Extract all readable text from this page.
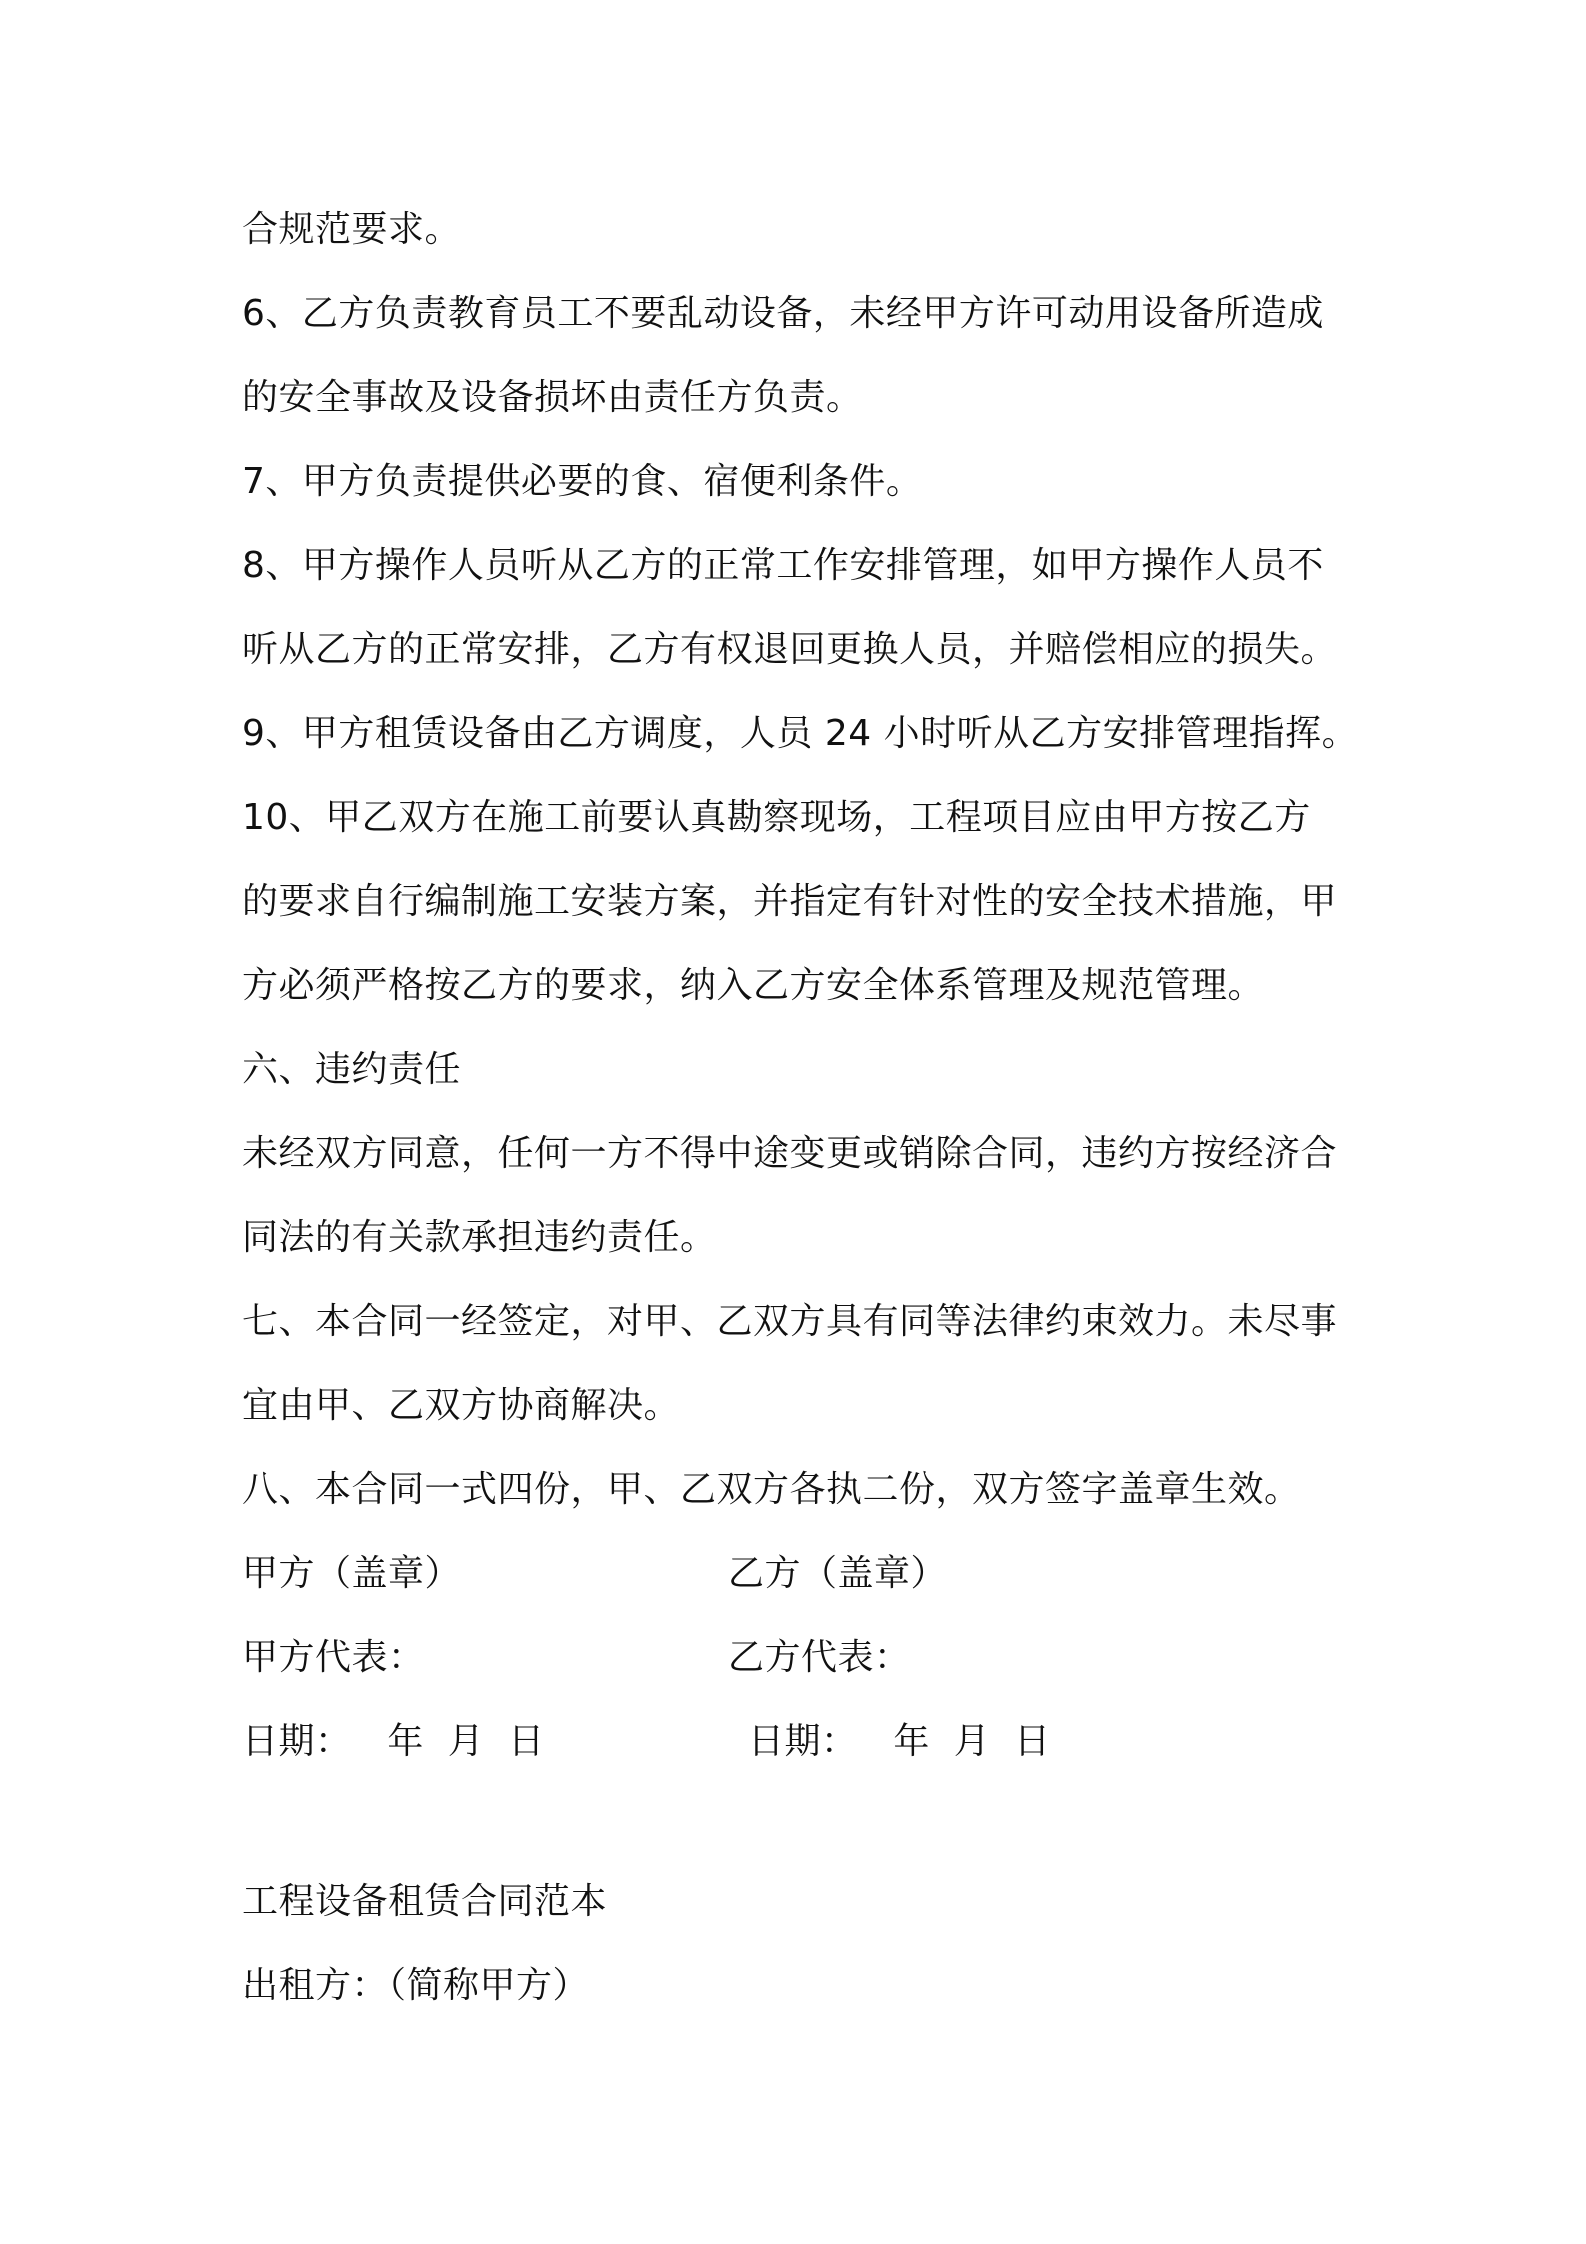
合规范要求。
6、乙方负责教育员工不要乱动设备，未经甲方许可动用设备所造成
的安全事故及设备损坏由责任方负责。
7、甲方负责提供必要的食、宿便利条件。
8、甲方操作人员听从乙方的正常工作安排管理，如甲方操作人员不
听从乙方的正常安排，乙方有权退回更换人员，并赔偿相应的损失。
9、甲方租赁设备由乙方调度，人员 24 小时听从乙方安排管理指挥。
10、甲乙双方在施工前要认真勘察现场，工程项目应由甲方按乙方
的要求自行编制施工安装方案，并指定有针对性的安全技术措施，甲
方必须严格按乙方的要求，纳入乙方安全体系管理及规范管理。
六、违约责任
未经双方同意，任何一方不得中途变更或销除合同，违约方按经济合
同法的有关款承担违约责任。
七、本合同一经签定，对甲、乙双方具有同等法律约束效力。未尽事
宜由甲、乙双方协商解决。
八、本合同一式四份，甲、乙双方各执二份，双方签字盖章生效。
甲方（盖章）	乙方（盖章）
甲方代表：	乙方代表：
日期：   年  月  日	日期：   年  月  日
工程设备租赁合同范本
出租方：（简称甲方）
